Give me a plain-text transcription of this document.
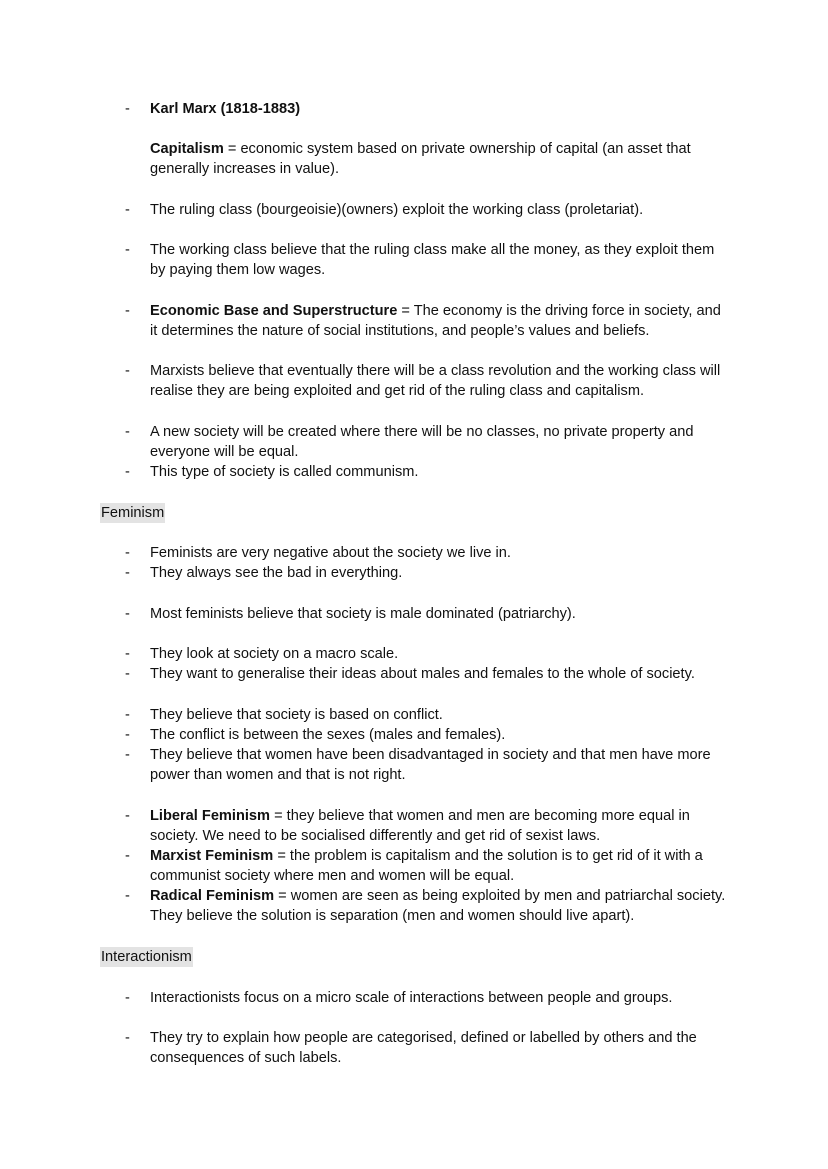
- Karl Marx (1818-1883)
Capitalism = economic system based on private ownership of capital (an asset that generally increases in value).
- The ruling class (bourgeoisie)(owners) exploit the working class (proletariat).
- The working class believe that the ruling class make all the money, as they exploit them by paying them low wages.
- Economic Base and Superstructure = The economy is the driving force in society, and it determines the nature of social institutions, and people’s values and beliefs.
- Marxists believe that eventually there will be a class revolution and the working class will realise they are being exploited and get rid of the ruling class and capitalism.
- A new society will be created where there will be no classes, no private property and everyone will be equal.
- This type of society is called communism.
Feminism
- Feminists are very negative about the society we live in.
- They always see the bad in everything.
- Most feminists believe that society is male dominated (patriarchy).
- They look at society on a macro scale.
- They want to generalise their ideas about males and females to the whole of society.
- They believe that society is based on conflict.
- The conflict is between the sexes (males and females).
- They believe that women have been disadvantaged in society and that men have more power than women and that is not right.
- Liberal Feminism = they believe that women and men are becoming more equal in society. We need to be socialised differently and get rid of sexist laws.
- Marxist Feminism = the problem is capitalism and the solution is to get rid of it with a communist society where men and women will be equal.
- Radical Feminism = women are seen as being exploited by men and patriarchal society. They believe the solution is separation (men and women should live apart).
Interactionism
- Interactionists focus on a micro scale of interactions between people and groups.
- They try to explain how people are categorised, defined or labelled by others and the consequences of such labels.
